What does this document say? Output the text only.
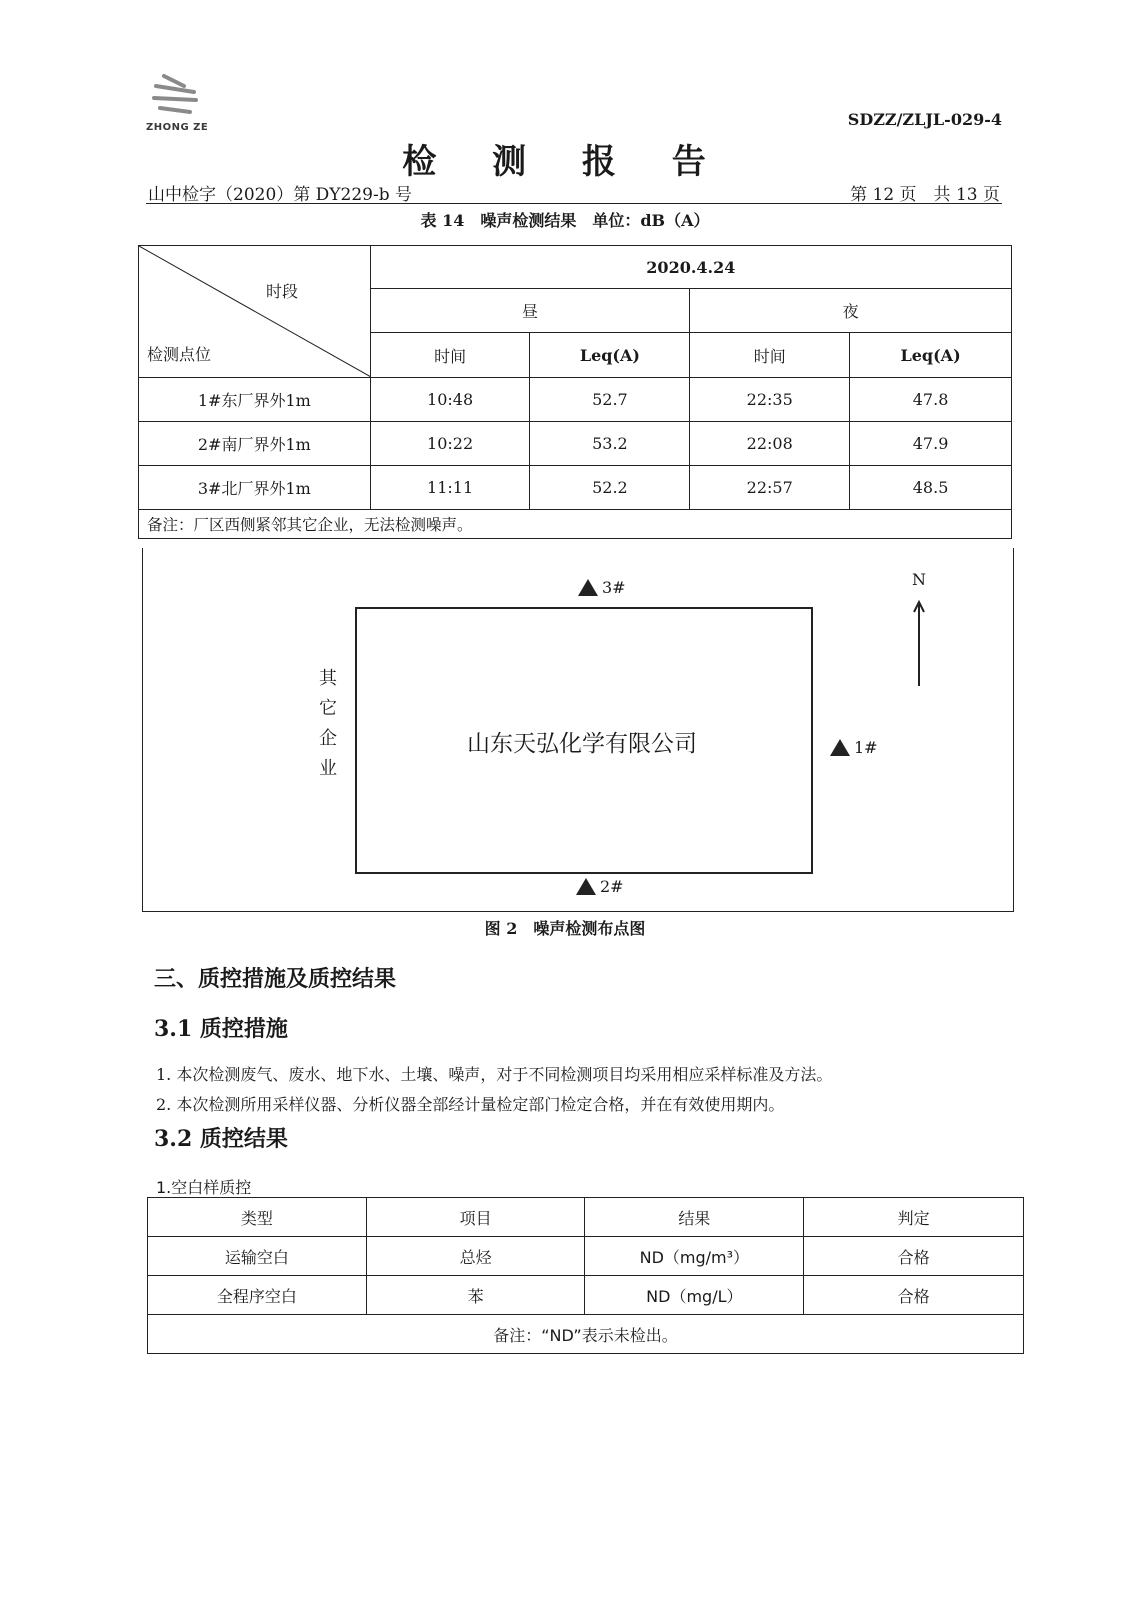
ZHONG ZE	SDZZ/ZLJL-029-4
检 测 报 告
山中检字（2020）第 DY229-b 号	第 12 页　共 13 页
表 14　噪声检测结果　单位：dB（A）
时段
检测点位	2020.4.24			
	昼		夜	
	时间	Leq(A)	时间	Leq(A)
1#东厂界外1m	10:48	52.7	22:35	47.8
2#南厂界外1m	10:22	53.2	22:08	47.9
3#北厂界外1m	11:11	52.2	22:57	48.5
备注：厂区西侧紧邻其它企业，无法检测噪声。				
3#
山东天弘化学有限公司
其
它
企
业
1#
2#
N
图 2　噪声检测布点图
三、质控措施及质控结果
3.1 质控措施
1. 本次检测废气、废水、地下水、土壤、噪声，对于不同检测项目均采用相应采样标准及方法。
2. 本次检测所用采样仪器、分析仪器全部经计量检定部门检定合格，并在有效使用期内。
3.2 质控结果
1.空白样质控
类型	项目	结果	判定
运输空白	总烃	ND（mg/m³）	合格
全程序空白	苯	ND（mg/L）	合格
备注：“ND”表示未检出。			
